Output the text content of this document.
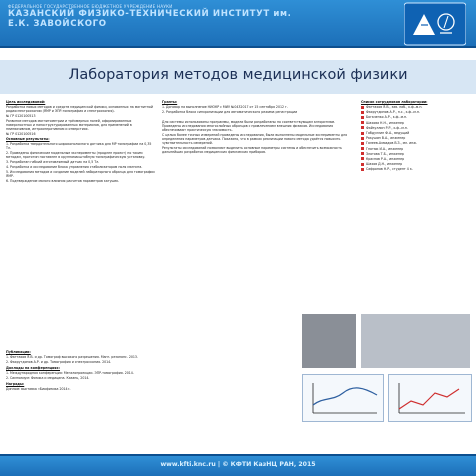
ФЕДЕРАЛЬНОЕ ГОСУДАРСТВЕННОЕ БЮДЖЕТНОЕ УЧРЕЖДЕНИЕ НАУКИ
КАЗАНСКИЙ ФИЗИКО-ТЕХНИЧЕСКИЙ ИНСТИТУТ им. Е.К. ЗАВОЙСКОГО
Лаборатория методов медицинской физики
Цель исследований:
Разработка новых методов и средств медицинской физики, основанных на магнитной радиоспектроскопии (ЯМР и ЭПР-томография и спектроскопия).
№ ГР 0120100513
Развитие методов магнитометрии и трёхмерных полей, оформированных поверхностных и наноструктурированных материалов, для применений в неинвазивном, интраоперативном и отверстиях.
№ ГР 0120100516
Основные результаты:
1. Разработка твердотельного широкополосного датчика для МР томографии на 0,35 Тл.
2. Проведены физические модельные эксперименты (продлен проект) по таким методам, прототип поставлен в крупномасштабную томографическую установку.
3. Разработан гибкий изготовляемый датчик на 0,5 Тл.
4. Разработка и исследование блока управления стабилизатором поля магнита.
5. Исследования методов и создание моделей лабораторного образца для томографии ЯМР.
6. Подтверждение малого влияния расчетов параметров катушек.
Гранты:
1. Договор на выполнение НИОКР с МИУ №0432017 от 15 сентября 2012 г.
2. Разработка блока синхронизации для автоматического режима регистрации
Для системы использованы программы, модели были разработаны по соответствующим алгоритмам. Проведены исследования многослойных образцов с привлечением внешних физиков. Исследования обеспечивают практическую значимость.
С целью более точных измерений проведены исследования, были выполнены модельные эксперименты для определения параметров датчика. Показано, что в рамках реализации нового метода удаётся повысить чувствительность измерений.
Результаты исследований позволяют выделить основные параметры системы и обеспечить возможность дальнейших разработок медицинских физических приборов.
Список сотрудников лаборатории:
Фаттахов Я.В., зав. лаб., к.ф.-м.н.
Фахрутдинов А.Р., н.с., к.ф.-м.н.
Богаченко А.Р., к.ф.-м.н.
Шахова Н.Н., инженер
Файзуллин Р.Р., к.ф.-м.н.
Габдуллин Ф.А., ведущий
Ракушин В.А., инженер
Галеев-Ахмадов В.З., мл. инж.
Гнатюк И.А., инженер
Злотова Т.Б., инженер
Краснов Р.А., инженер
Шахов Д.Н., инженер
Сафронов Н.Р., студент 4 к.
Публикации:
1. Фаттахов Я.В. и др. Томограф высокого разрешения. Магн. резонанс. 2013.
2. Фахрутдинов А.Р. и др. Томография и спектроскопия. 2014.
Доклады на конференциях:
1. Международная конференция: Мегалопроекции. ЭПР-томография. 2014.
2. Симпозиум: Физика и медицина. Казань, 2014.
Награды:
Диплом: выставка «Биофизика 2014».
www.kfti.knc.ru | © КФТИ КазНЦ РАН, 2015
